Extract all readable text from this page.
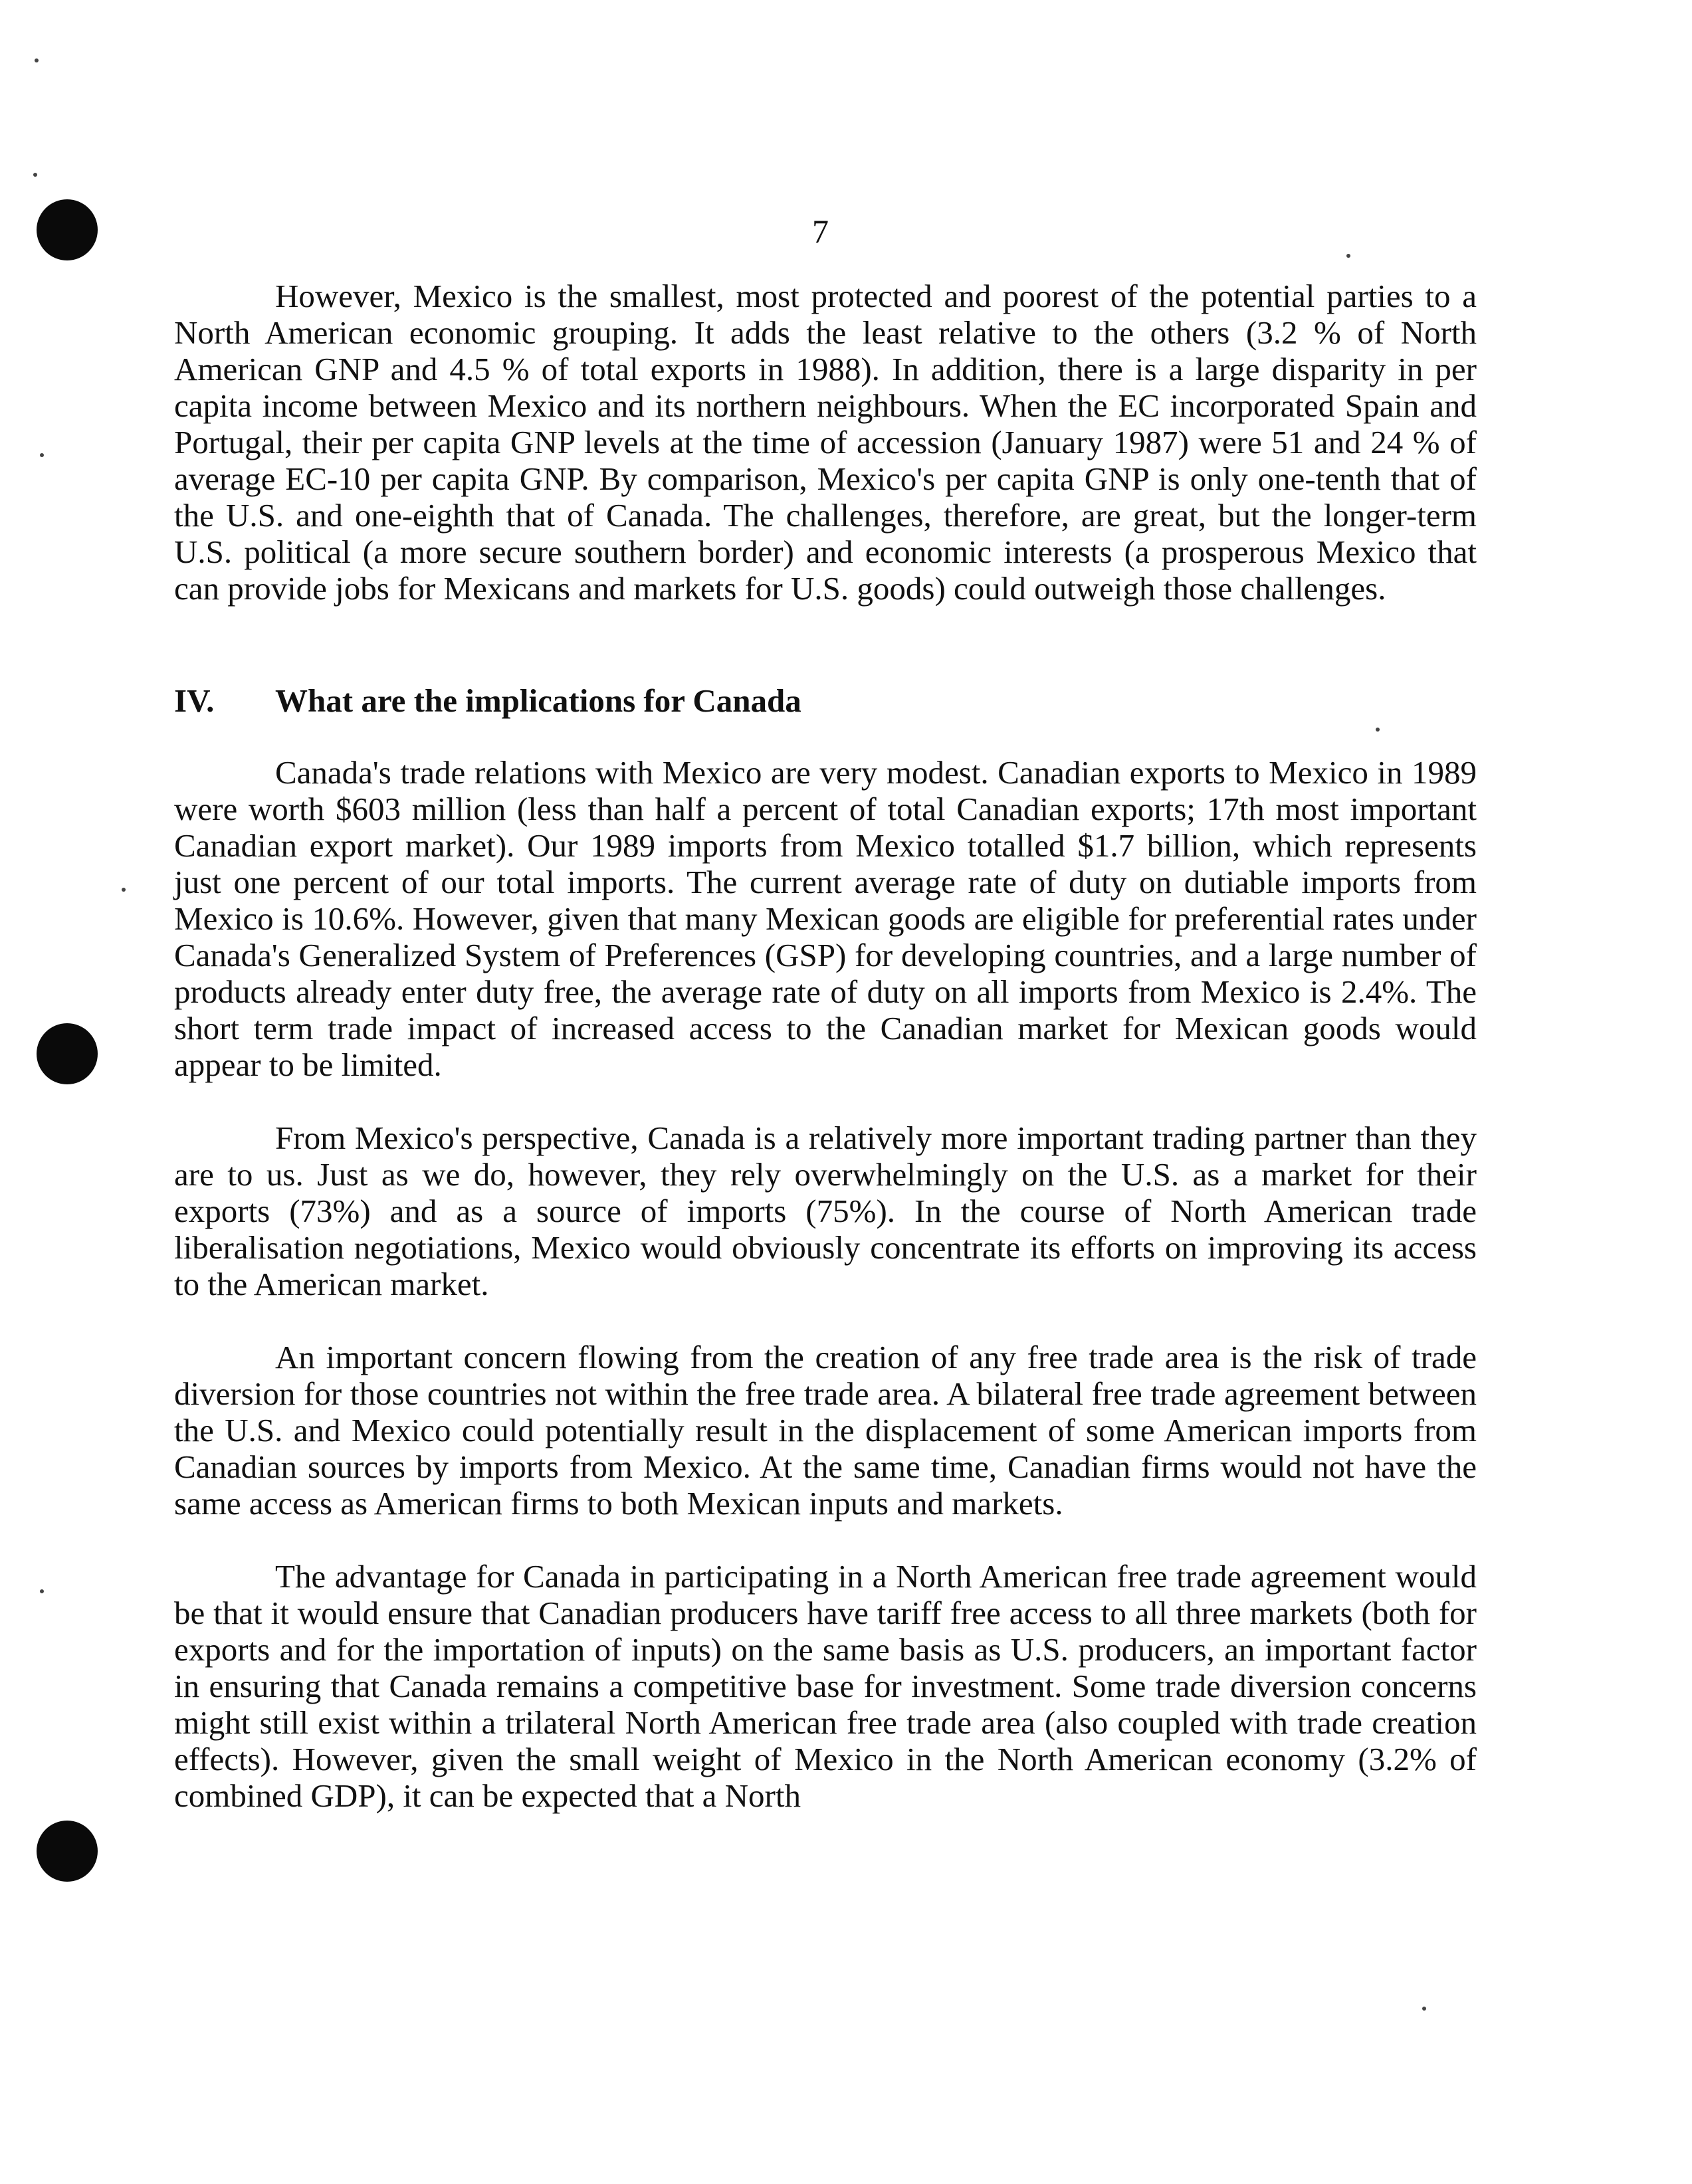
7

However, Mexico is the smallest, most protected and poorest of the potential parties to a North American economic grouping. It adds the least relative to the others (3.2 % of North American GNP and 4.5 % of total exports in 1988). In addition, there is a large disparity in per capita income between Mexico and its northern neighbours. When the EC incorporated Spain and Portugal, their per capita GNP levels at the time of accession (January 1987) were 51 and 24 % of average EC-10 per capita GNP. By comparison, Mexico's per capita GNP is only one-tenth that of the U.S. and one-eighth that of Canada. The challenges, therefore, are great, but the longer-term U.S. political (a more secure southern border) and economic interests (a prosperous Mexico that can provide jobs for Mexicans and markets for U.S. goods) could outweigh those challenges.

IV.	What are the implications for Canada

Canada's trade relations with Mexico are very modest. Canadian exports to Mexico in 1989 were worth $603 million (less than half a percent of total Canadian exports; 17th most important Canadian export market). Our 1989 imports from Mexico totalled $1.7 billion, which represents just one percent of our total imports. The current average rate of duty on dutiable imports from Mexico is 10.6%. However, given that many Mexican goods are eligible for preferential rates under Canada's Generalized System of Preferences (GSP) for developing countries, and a large number of products already enter duty free, the average rate of duty on all imports from Mexico is 2.4%. The short term trade impact of increased access to the Canadian market for Mexican goods would appear to be limited.

From Mexico's perspective, Canada is a relatively more important trading partner than they are to us. Just as we do, however, they rely overwhelmingly on the U.S. as a market for their exports (73%) and as a source of imports (75%). In the course of North American trade liberalisation negotiations, Mexico would obviously concentrate its efforts on improving its access to the American market.

An important concern flowing from the creation of any free trade area is the risk of trade diversion for those countries not within the free trade area. A bilateral free trade agreement between the U.S. and Mexico could potentially result in the displacement of some American imports from Canadian sources by imports from Mexico. At the same time, Canadian firms would not have the same access as American firms to both Mexican inputs and markets.

The advantage for Canada in participating in a North American free trade agreement would be that it would ensure that Canadian producers have tariff free access to all three markets (both for exports and for the importation of inputs) on the same basis as U.S. producers, an important factor in ensuring that Canada remains a competitive base for investment. Some trade diversion concerns might still exist within a trilateral North American free trade area (also coupled with trade creation effects). However, given the small weight of Mexico in the North American economy (3.2% of combined GDP), it can be expected that a North
